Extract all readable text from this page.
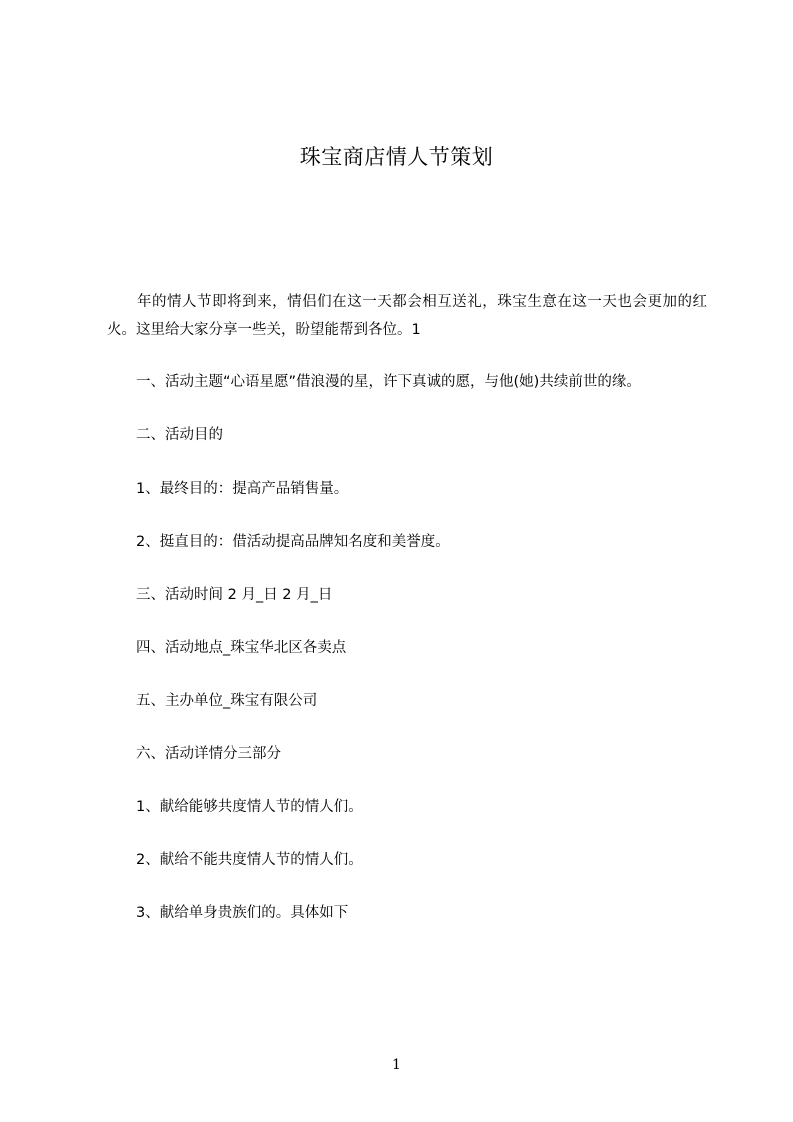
珠宝商店情人节策划

年的情人节即将到来，情侣们在这一天都会相互送礼，珠宝生意在这一天也会更加的红火。这里给大家分享一些关，盼望能帮到各位。1

一、活动主题“心语星愿”借浪漫的星，许下真诚的愿，与他(她)共续前世的缘。
二、活动目的
1、最终目的：提高产品销售量。
2、挺直目的：借活动提高品牌知名度和美誉度。
三、活动时间 2 月_日 2 月_日
四、活动地点_珠宝华北区各卖点
五、主办单位_珠宝有限公司
六、活动详情分三部分
1、献给能够共度情人节的情人们。
2、献给不能共度情人节的情人们。
3、献给单身贵族们的。具体如下
1
